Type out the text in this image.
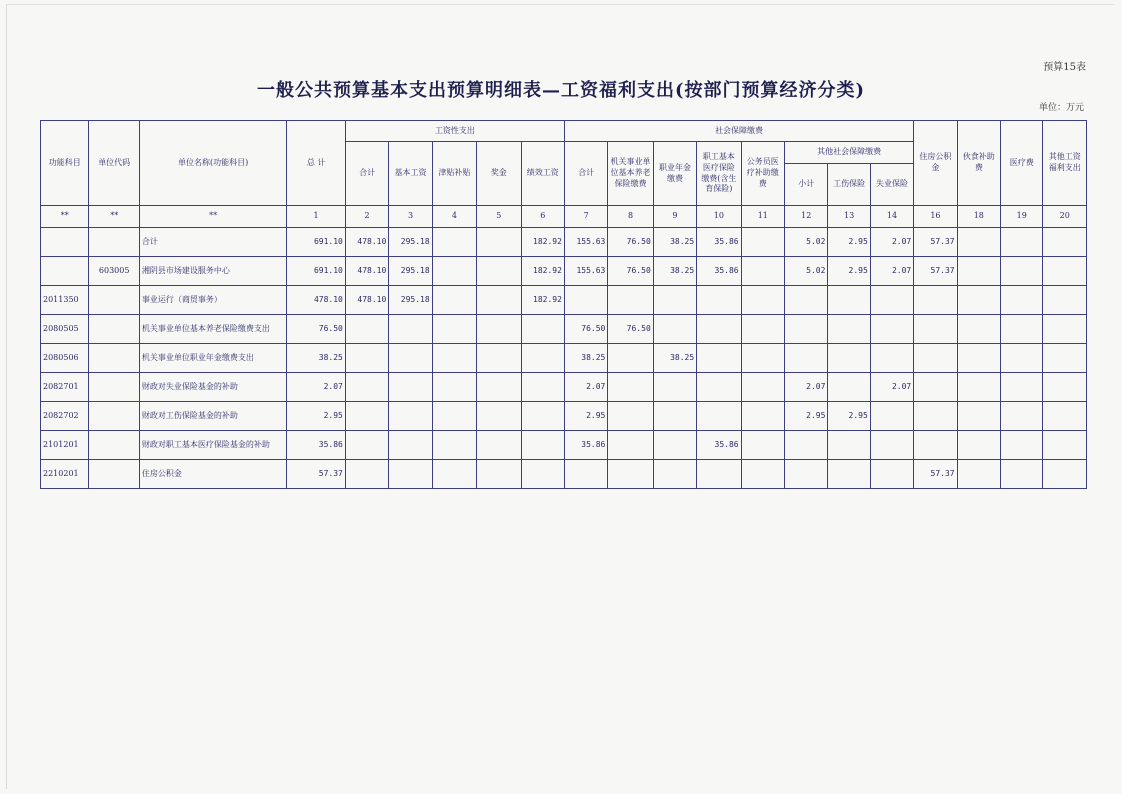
预算15表
一般公共预算基本支出预算明细表—工资福利支出(按部门预算经济分类)
单位：万元
功能科目	单位代码	单位名称(功能科目)	总 计	工资性支出					社会保障缴费								住房公积金	伙食补助费	医疗费	其他工资福利支出
				合计	基本工资	津贴补贴	奖金	绩效工资	合计	机关事业单位基本养老保险缴费	职业年金缴费	职工基本医疗保险缴费(含生育保险)	公务员医疗补助缴费	其他社会保障缴费						
														小计	工伤保险	失业保险				
**	**	**	1	2	3	4	5	6	7	8	9	10	11	12	13	14	16	18	19	20
		合计	691.10	478.10	295.18			182.92	155.63	76.50	38.25	35.86		5.02	2.95	2.07	57.37			
	603005	湘阴县市场建设服务中心	691.10	478.10	295.18			182.92	155.63	76.50	38.25	35.86		5.02	2.95	2.07	57.37			
2011350		事业运行（商贸事务）	478.10	478.10	295.18			182.92												
2080505		机关事业单位基本养老保险缴费支出	76.50						76.50	76.50										
2080506		机关事业单位职业年金缴费支出	38.25						38.25		38.25									
2082701		财政对失业保险基金的补助	2.07						2.07					2.07		2.07				
2082702		财政对工伤保险基金的补助	2.95						2.95					2.95	2.95					
2101201		财政对职工基本医疗保险基金的补助	35.86						35.86			35.86								
2210201		住房公积金	57.37														57.37			
